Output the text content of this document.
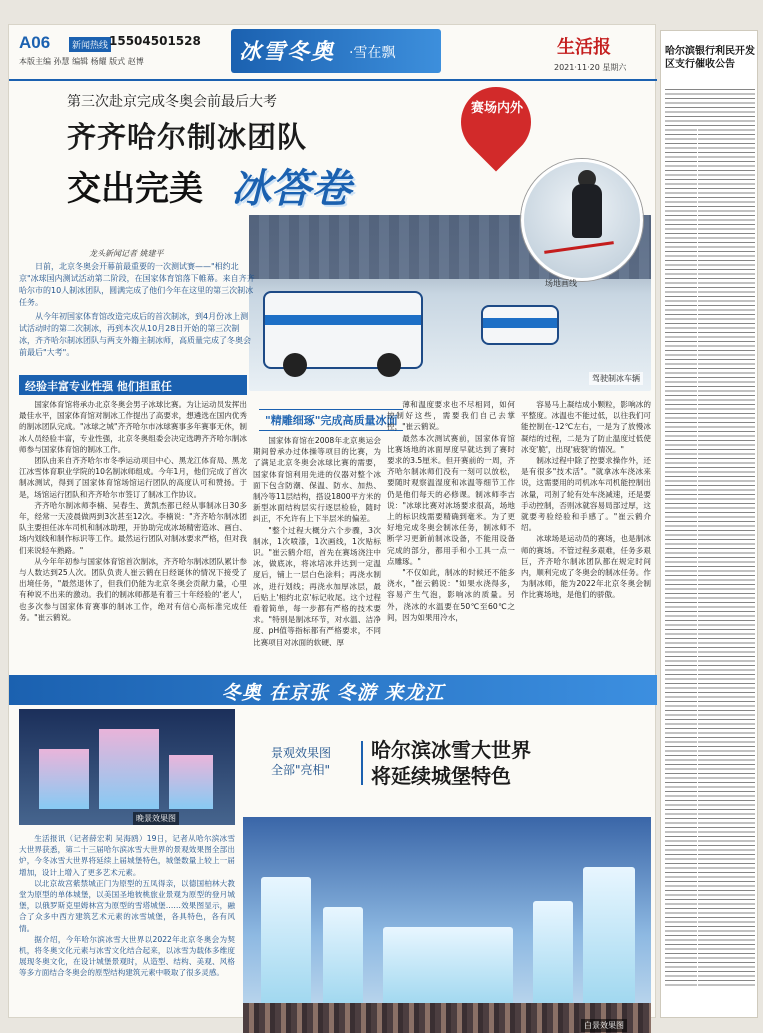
A06	新闻热线 15504501528
本版主编 孙慧 编辑 杨耀 版式 赵博	冰雪冬奥 ·雪在飘	生活报
2021·11·20 星期六
第三次赴京完成冬奥会前最后大考
齐齐哈尔制冰团队
交出完美 冰答卷
赛场内外
驾驶制冰车辆
场地画线
龙头新闻记者 姚建平

日前，北京冬奥会开幕前最重要的一次测试赛——"相约北京"冰球国内测试活动第二阶段，在国家体育馆落下帷幕。来自齐齐哈尔市的10人制冰团队，圆满完成了他们今年在这里的第三次制冰任务。

从今年初国家体育馆改造完成后的首次制冰，到4月份冰上测试活动时的第二次制冰，再到本次从10月28日开始的第三次制冰，齐齐哈尔制冰团队与两支外籍主制冰师，高质量完成了冬奥会前最后"大考"。

经验丰富专业性强 他们担重任

国家体育馆将承办北京冬奥会男子冰球比赛。为让运动员发挥出最佳水平，国家体育馆对制冰工作提出了高要求，想遴选在国内优秀的制冰团队完成。"冰球之城"齐齐哈尔市冰球赛事多年赛事无休，制冰人员经验丰富，专业性强，北京冬奥组委会决定选聘齐齐哈尔制冰师参与国家体育馆的制冰工作。

团队由来自齐齐哈尔市冬季运动项目中心、黑龙江体育局、黑龙江冰雪体育职业学院的10名制冰师组成。今年1月，他们完成了首次制冰测试，得到了国家体育馆场馆运行团队的高度认可和赞扬。于是，场馆运行团队和齐齐哈尔市签订了制冰工作协议。

齐齐哈尔制冰师李楠、吴春生、黄凯杰都已经从事制冰日30多年，经常一天凌晨做两到3次甚至12次。李楠说："齐齐哈尔制冰团队主要担任冰车司机和制冰助理，开协助完成冰场精密造冰、画白、场内划线和制作标识等工作。最然运行团队对制冰要求严格，但对我们来说轻车熟路。"

从今年年初参与国家体育馆首次制冰，齐齐哈尔制冰团队累计参与人数达到25人次。团队负责人崔云鹤在日经诞休的情况下接受了出境任务，"最然退休了，但我们仍能为北京冬奥会贡献力量，心里有种说不出来的激动。我们的制冰师都是有着三十年经验的'老人'，也多次参与国家体育赛事的制冰工作，绝对有信心高标准完成任务。"崔云鹤说。

"精雕细琢"完成高质量冰面

国家体育馆在2008年北京奥运会期间曾承办过体操等项目的比赛，为了满足北京冬奥会冰球比赛的需要，国家体育馆利用先进的仪器对整个冰面下包含防潮、保温、防水、加热、制冷等11层结构，搭设1800平方米的新型冰面结构层实行逐层检验，随时纠正，不允许有上下半层米的偏差。

"整个过程大概分六个步骤，3次制冰，1次喷漆，1次画线，1次贴标识。"崔云鹤介绍，首先在赛场浇注中冰，做底冰，将冰培冰并达到一定温度后，铺上一层白色涂料；再浇水制冰，进行划线；再浇水加厚冰层，最后贴上'相约北京'标记收尾。这个过程看着简单，每一步都有严格的技术要求。"特别是制冰环节，对水温、洁净度、pH值等指标都有严格要求，不同比赛项目对冰面的软硬、厚

薄和温度要求也不尽相同，如何控制好这些，需要我们自己去掌控，"崔云鹤说。

最然本次测试赛前，国家体育馆比赛场地的冰面厚度早就达到了赛时要求的3.5厘米。但开赛前的一周，齐齐哈尔制冰师们没有一刻可以放松，要随时观察温湿度和冰温等细节工作仍是他们每天的必修课。制冰师李吉说："冰球比赛对冰场要求很高，场地上的标识线需要精确到毫米。为了更好地完成冬奥会制冰任务，制冰师不断学习更新前制冰设备，不能用设备完成的部分，都用手和小工具一点一点雕琢。"

"不仅如此，制冰的时候还不能多浇水，"崔云鹤说："如果水浇得多，容易产生气泡，影响冰的质量。另外，浇冰的水温要在50℃至60℃之间，因为如果用冷水，

容易马上凝结成小颗粒，影响冰的平整度。冰温也不能过低，以往我们可能控制在-12℃左右，一是为了放慢冰凝结的过程，二是为了防止温度过低使冰变'脆'，出现'疲裂'的情况。"

制冰过程中除了控要求操作外，还是有很多"技术活"。"就拿冰车浇冰来说，这需要用的司机冰车司机能控制出冰量，司剂了轮有处车浇减速，还是要手动控制，否则冰就容易局部过厚，这就要考验经验和手感了。"崔云鹤介绍。

冰球场是运动员的赛场，也是制冰师的赛场。不管过程多艰难，任务多艰巨，齐齐哈尔制冰团队都在规定时间内，顺利完成了冬奥会的制冰任务。作为制冰师，能为2022年北京冬奥会制作比赛场地，是他们的骄傲。

冬奥 在京张 冬游 来龙江
晚景效果图
景观效果图
全部"亮相"
哈尔滨冰雪大世界
将延续城堡特色

生活报讯（记者薛宏莉 吴海鸥）19日，记者从哈尔滨冰雪大世界获悉，第二十三届哈尔滨冰雪大世界的景观效果图全部出炉，今冬冰雪大世界将延续上届城堡特色，城堡数量上较上一届增加，设计上增入了更多艺术元素。

以北京故宫紫禁城正门为原型的五凤得亲，以德国柏林大教堂为原型的单体城堡，以美国圣地彼桃旅业景观为原型的登月城堡，以俄罗斯克里姆林宫为原型的雪塔城堡……效果图显示，融合了众多中西方建筑艺术元素的冰雪城堡，各具特色，各有风情。

据介绍，今年哈尔滨冰雪大世界以2022年北京冬奥会为契机，将冬奥文化元素与冰雪文化结合起来，以冰雪为载体多维度展现冬奥文化，在设计城堡景观时，从造型、结构、美观、风格等多方面结合冬奥会的原型结构建筑元素中吸取了很多灵感。

白景效果图
哈尔滨银行利民开发区支行催收公告
